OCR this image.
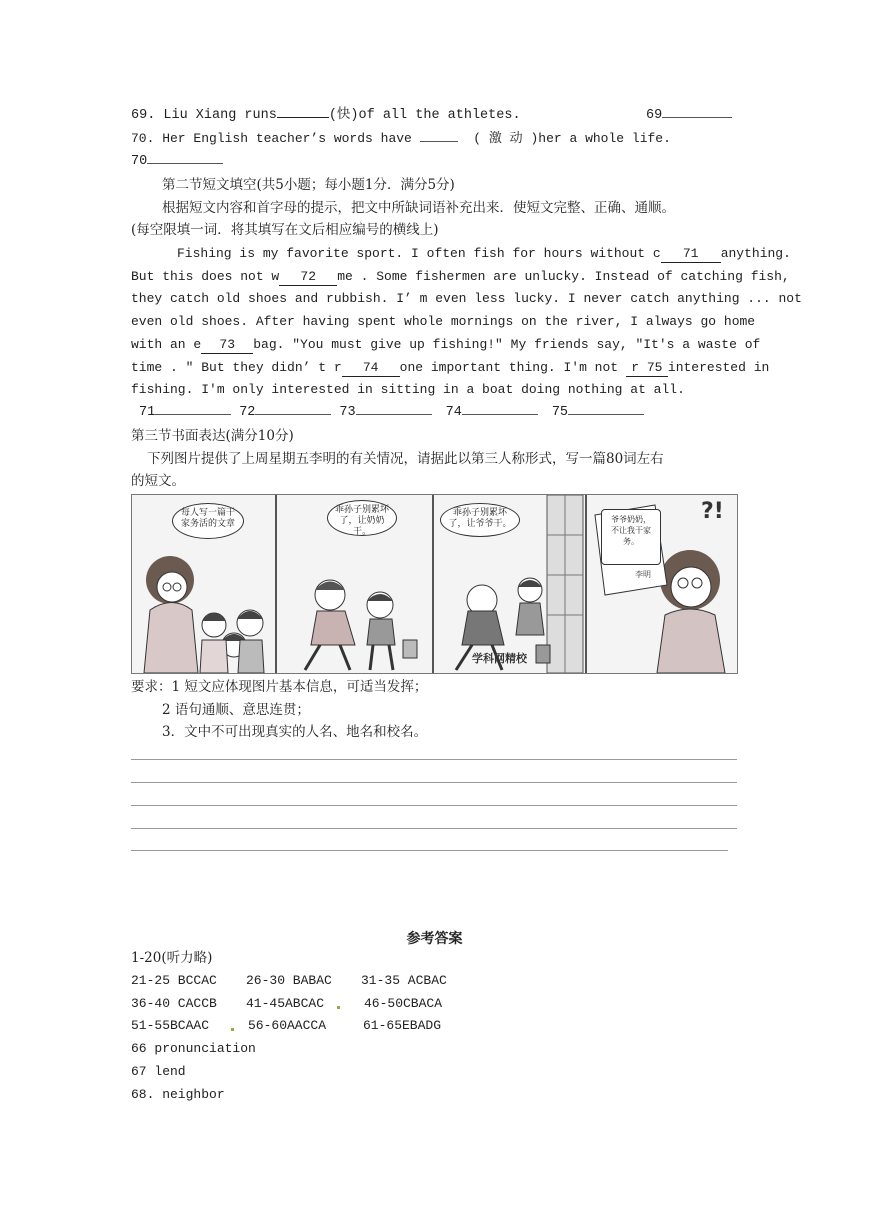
69. Liu Xiang runs	(快)of all the athletes.	69
70. Her English teacher’s words have	( 激 动 )her a whole life.
70
第二节短文填空(共5小题；每小题1分．满分5分)
根据短文内容和首字母的提示，把文中所缺词语补充出来．使短文完整、正确、通顺。
(每空限填一词．将其填写在文后相应编号的横线上)
Fishing is my favorite sport. I often fish for hours without c 71 anything.
But this does not w 72 me . Some fishermen are unlucky. Instead of catching fish,
they catch old shoes and rubbish. I’ m even less lucky. I never catch anything ... not
even old shoes. After having spent whole mornings on the river, I always go home
with an e 73 bag. "You must give up fishing!" My friends say, "It's a waste of
time . " But they didn’ t r 74 one important thing. I'm not r 75interested in
fishing. I'm only interested in sitting in a boat doing nothing at all.
71	72	73	74	75
第三节书面表达(满分10分)
下列图片提供了上周星期五李明的有关情况，请据此以第三人称形式，写一篇80词左右
的短文。
每人写一篇干家务活的文章
乖孙子别累坏了，让奶奶干。
乖孙子别累坏了，让爷爷干。
学科网精校
爷爷奶奶，不让我干家务。
李明
?!
要求：1 短文应体现图片基本信息，可适当发挥；
2 语句通顺、意思连贯；
3．文中不可出现真实的人名、地名和校名。
参考答案
1-20(听力略)
21-25 BCCAC 26-30 BABAC 31-35 ACBAC
36-40 CACCB 41-45ABCAC	46-50CBACA
51-55BCAAC	56-60AACCA	61-65EBADG
66 pronunciation
67 lend
68. neighbor
